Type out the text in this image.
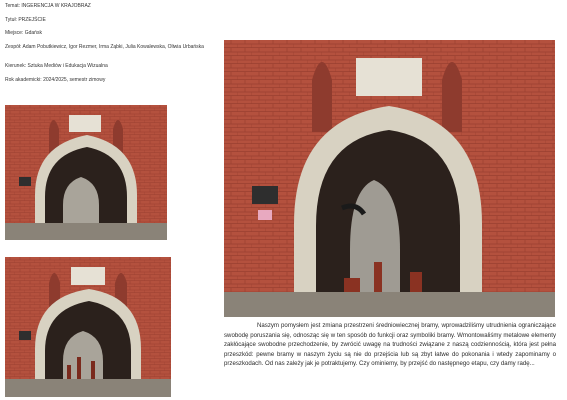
Temat: INGERENCJA W KRAJOBRAZ
Tytuł: PRZEJŚCIE
Miejsce: Gdańsk
Zespół: Adam Pobutkiewicz, Igor Rezmer, Irma Ząbki, Julia Kowalewska, Oliwia Urbańska
Kierunek: Sztuka Mediów i Edukacja Wizualna
Rok akademicki: 2024/2025, semestr zimowy

Naszym pomysłem jest zmiana przestrzeni średniowiecznej bramy, wprowadziliśmy utrudnienia ograniczające swobodę poruszania się, odnosząc się w ten sposób do funkcji oraz symboliki bramy. Wmontowaliśmy metalowe elementy zakłócające swobodne przechodzenie, by zwrócić uwagę na trudności związane z naszą codziennością, która jest pełna przeszkód: pewne bramy w naszym życiu są nie do przejścia lub są zbyt łatwe do pokonania i wtedy zapominamy o przeszkodach. Od nas zależy jak je potraktujemy. Czy ominiemy, by przejść do następnego etapu, czy damy radę...
